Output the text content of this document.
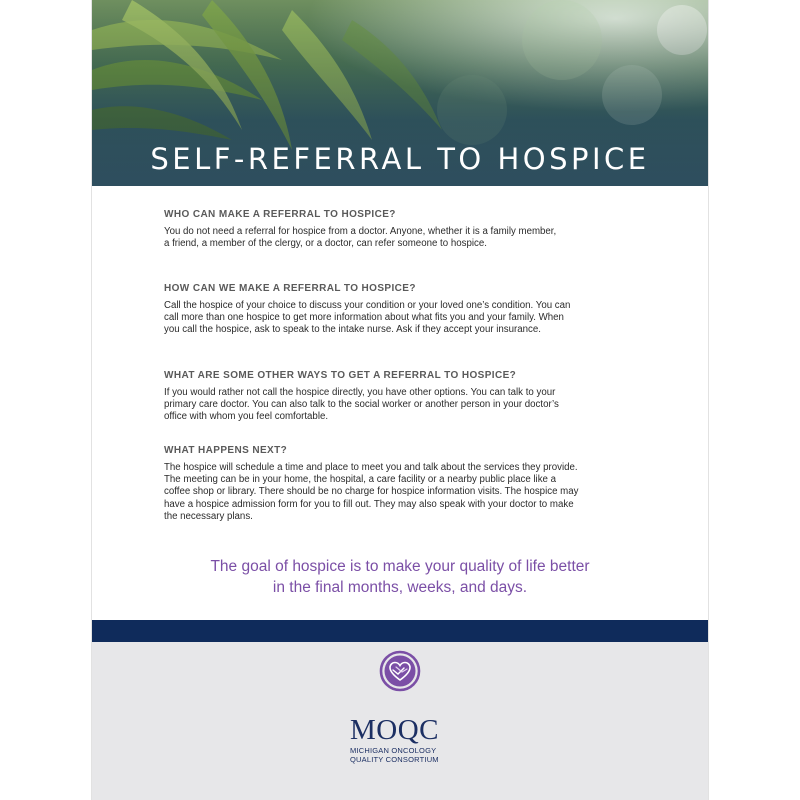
SELF-REFERRAL TO HOSPICE
WHO CAN MAKE A REFERRAL TO HOSPICE?

You do not need a referral for hospice from a doctor. Anyone, whether it is a family member,
a friend, a member of the clergy, or a doctor, can refer someone to hospice.

HOW CAN WE MAKE A REFERRAL TO HOSPICE?

Call the hospice of your choice to discuss your condition or your loved one’s condition. You can
call more than one hospice to get more information about what fits you and your family. When
you call the hospice, ask to speak to the intake nurse. Ask if they accept your insurance.

WHAT ARE SOME OTHER WAYS TO GET A REFERRAL TO HOSPICE?

If you would rather not call the hospice directly, you have other options. You can talk to your
primary care doctor. You can also talk to the social worker or another person in your doctor’s
office with whom you feel comfortable.

WHAT HAPPENS NEXT?

The hospice will schedule a time and place to meet you and talk about the services they provide.
The meeting can be in your home, the hospital, a care facility or a nearby public place like a
coffee shop or library. There should be no charge for hospice information visits. The hospice may
have a hospice admission form for you to fill out. They may also speak with your doctor to make
the necessary plans.

The goal of hospice is to make your quality of life better
in the final months, weeks, and days.
MOQC
MICHIGAN ONCOLOGY
QUALITY CONSORTIUM
